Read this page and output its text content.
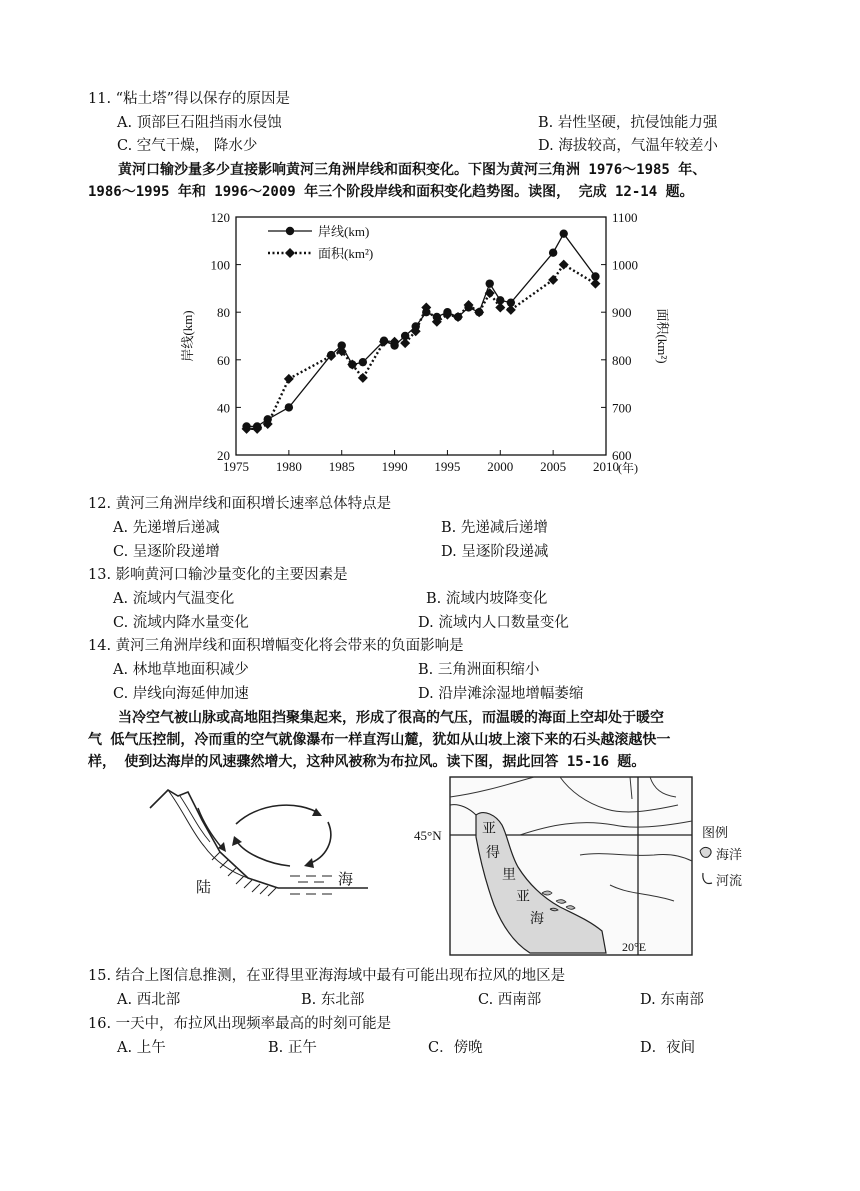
11. “粘土塔”得以保存的原因是
A. 顶部巨石阻挡雨水侵蚀	B. 岩性坚硬，抗侵蚀能力强
C. 空气干燥， 降水少	D. 海拔较高，气温年较差小
黄河口输沙量多少直接影响黄河三角洲岸线和面积变化。下图为黄河三角洲 1976～1985 年、
1986～1995 年和 1996～2009 年三个阶段岸线和面积变化趋势图。读图， 完成 12-14 题。
1975 1980 1985 1990 1995 2000 2005 2010 (年)
20
40
60
80
100
120
600
700
800
900
1000
1100
岸线(km)	面积(km²)
岸线(km)
面积(km²)
12. 黄河三角洲岸线和面积增长速率总体特点是
A. 先递增后递减	B. 先递减后递增
C. 呈逐阶段递增	D. 呈逐阶段递减
13. 影响黄河口输沙量变化的主要因素是
A. 流域内气温变化	B. 流域内坡降变化
C. 流域内降水量变化	D. 流域内人口数量变化
14. 黄河三角洲岸线和面积增幅变化将会带来的负面影响是
A. 林地草地面积减少	B. 三角洲面积缩小
C. 岸线向海延伸加速	D. 沿岸滩涂湿地增幅萎缩
当冷空气被山脉或高地阻挡聚集起来，形成了很高的气压，而温暖的海面上空却处于暖空
气 低气压控制，冷而重的空气就像瀑布一样直泻山麓，犹如从山坡上滚下来的石头越滚越快一
样， 使到达海岸的风速骤然增大，这种风被称为布拉风。读下图，据此回答 15-16 题。
陆	海
亚
得
里
亚
海
45°N
20°E
图例
海洋
河流
15. 结合上图信息推测，在亚得里亚海海域中最有可能出现布拉风的地区是
A. 西北部	B. 东北部	C. 西南部	D. 东南部
16. 一天中，布拉风出现频率最高的时刻可能是
A. 上午	B. 正午	C．傍晚	D．夜间
